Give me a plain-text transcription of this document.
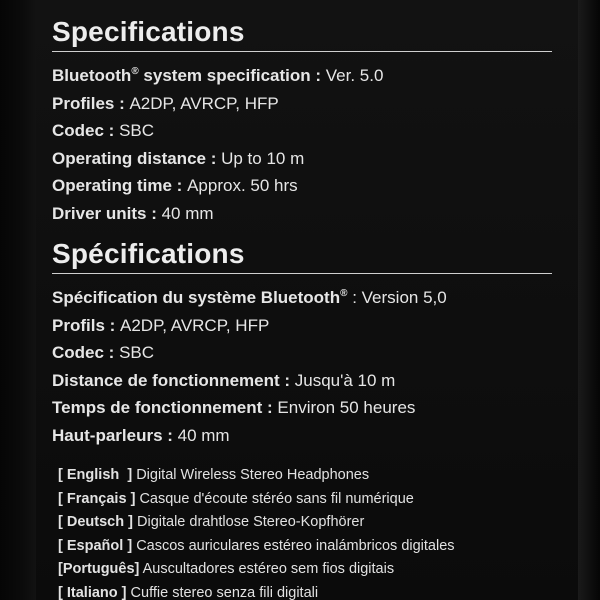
Specifications
Bluetooth® system specification : Ver. 5.0
Profiles : A2DP, AVRCP, HFP
Codec : SBC
Operating distance : Up to 10 m
Operating time : Approx. 50 hrs
Driver units : 40 mm
Spécifications
Spécification du système Bluetooth® : Version 5,0
Profils : A2DP, AVRCP, HFP
Codec : SBC
Distance de fonctionnement : Jusqu'à 10 m
Temps de fonctionnement : Environ 50 heures
Haut-parleurs : 40 mm
[ English ] Digital Wireless Stereo Headphones
[ Français ] Casque d'écoute stéréo sans fil numérique
[ Deutsch ] Digitale drahtlose Stereo-Kopfhörer
[ Español ] Cascos auriculares estéreo inalámbricos digitales
[Português] Auscultadores estéreo sem fios digitais
[ Italiano ] Cuffie stereo senza fili digitali
